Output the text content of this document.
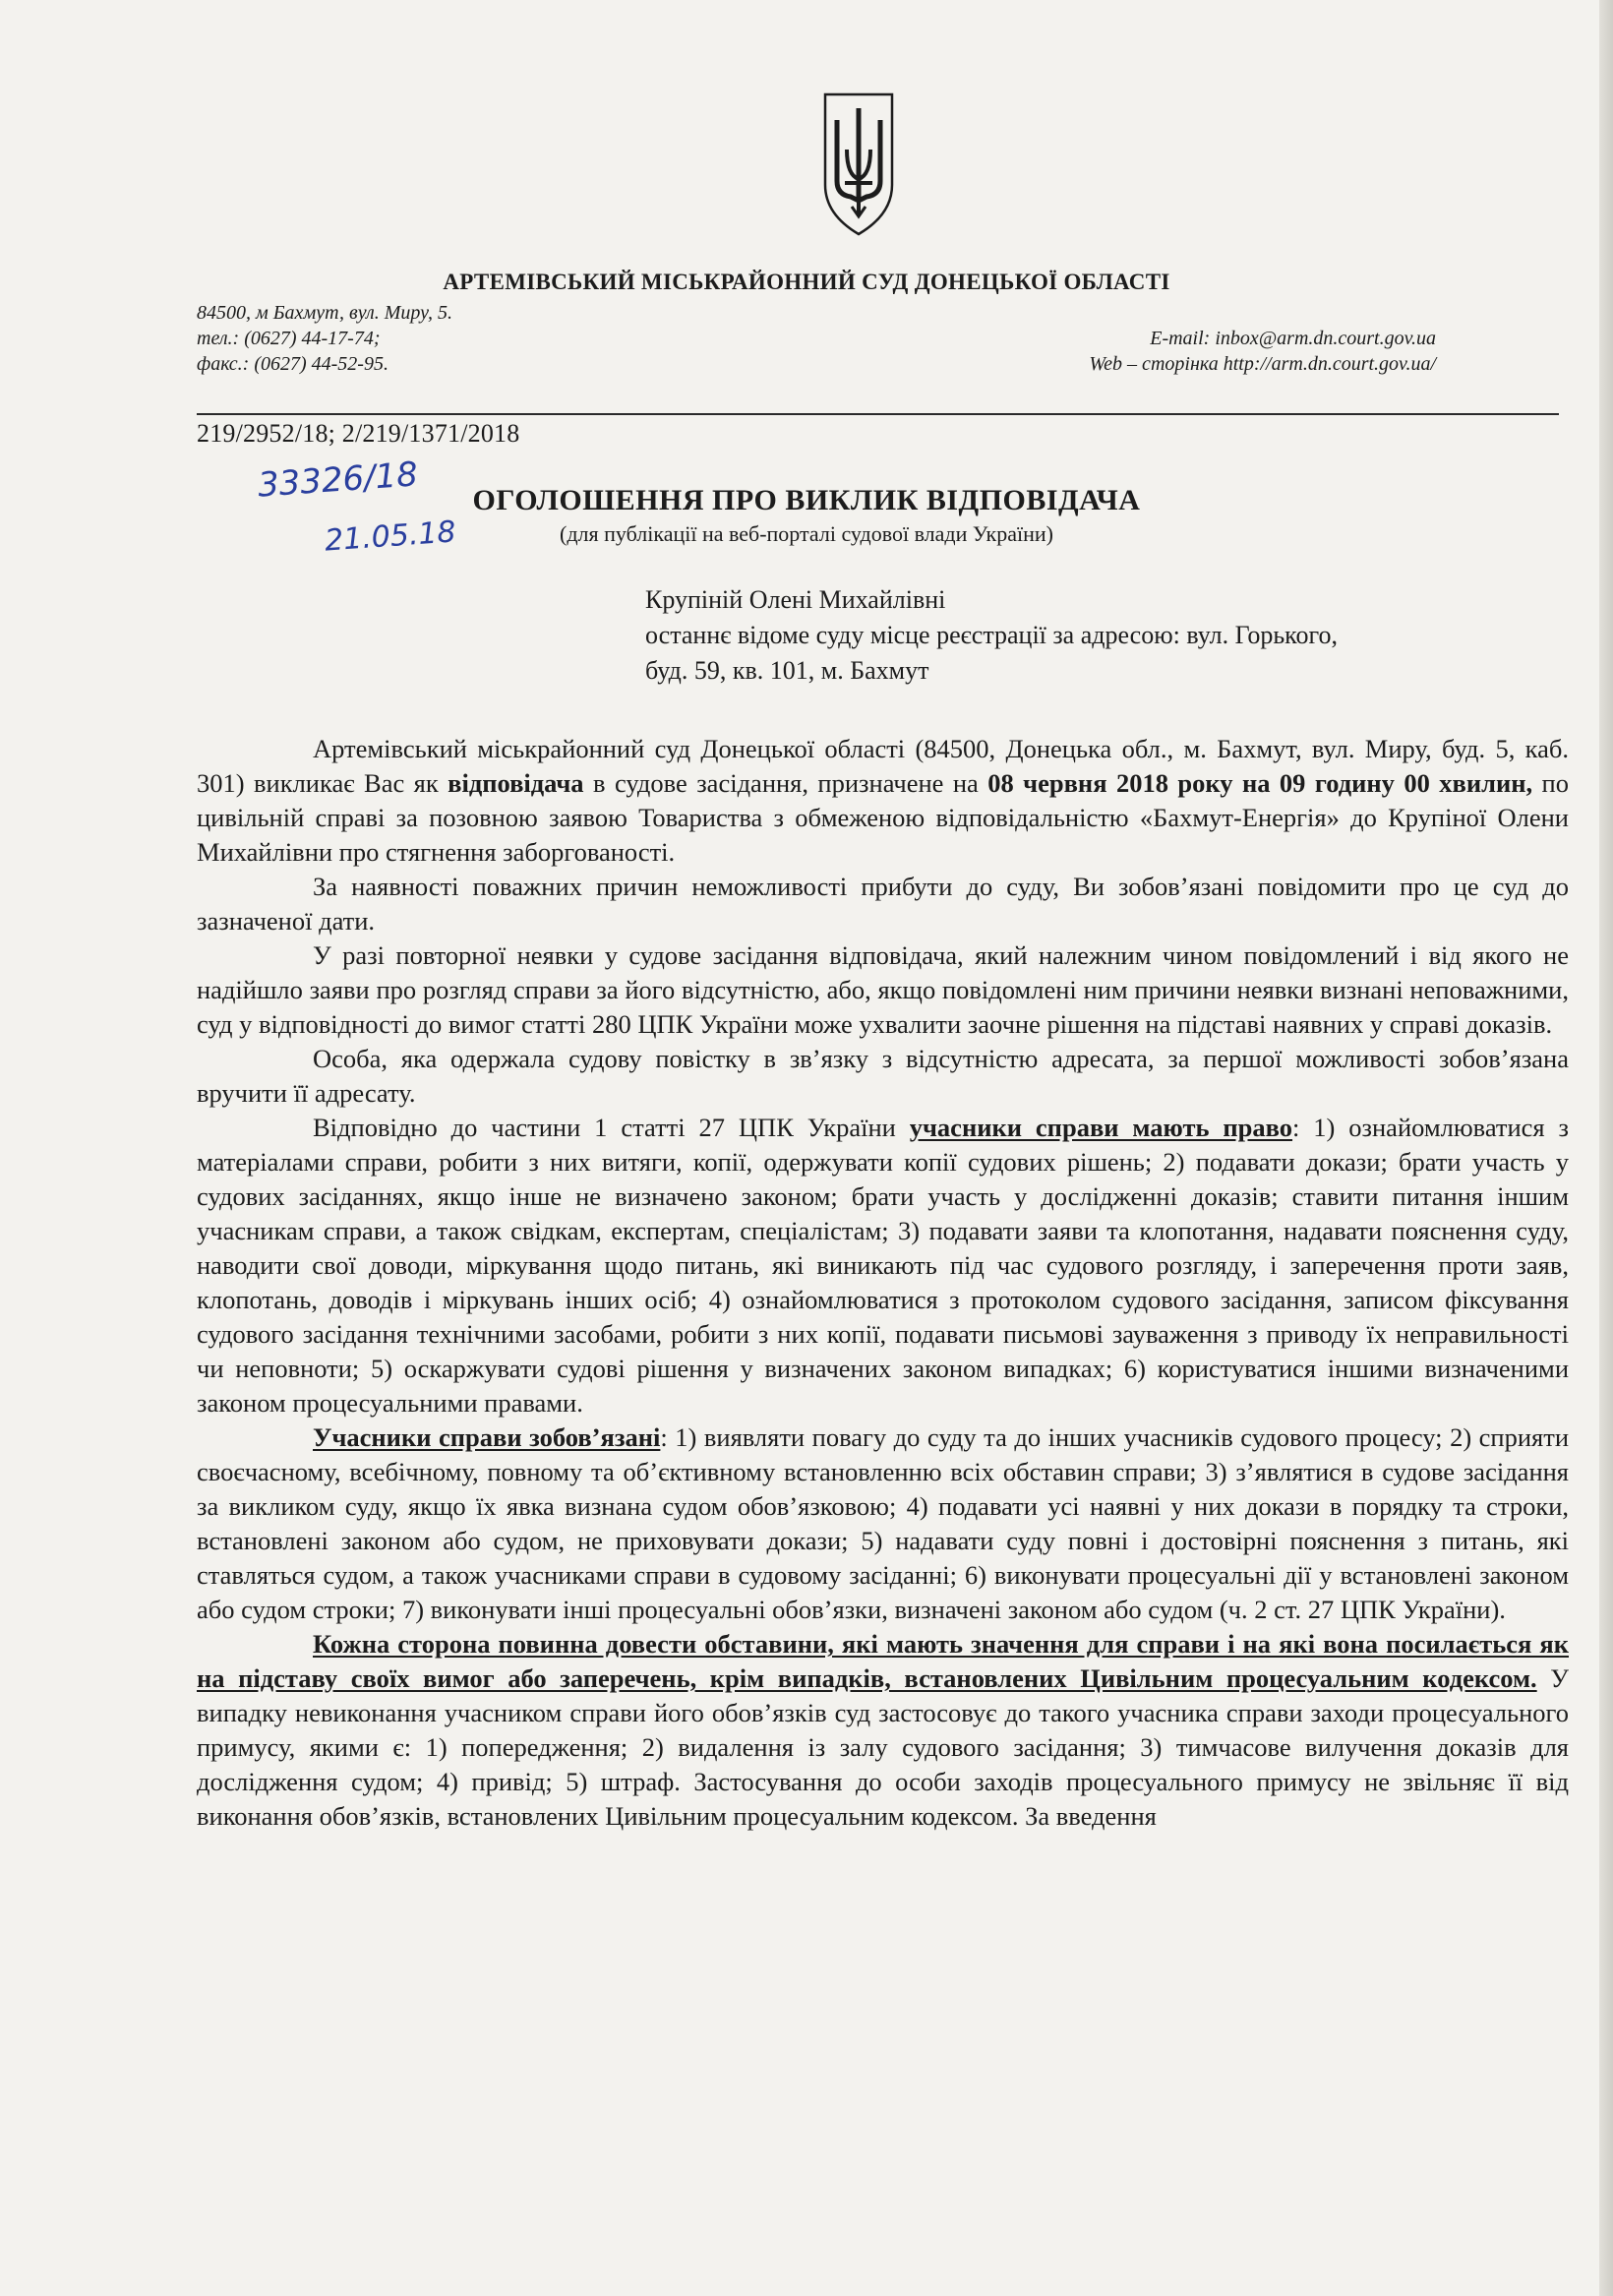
АРТЕМІВСЬКИЙ МІСЬКРАЙОННИЙ СУД ДОНЕЦЬКОЇ ОБЛАСТІ
84500, м Бахмут, вул. Миру, 5.
тел.: (0627) 44-17-74;
факс.: (0627) 44-52-95.
E-mail: inbox@arm.dn.court.gov.ua
Web – сторінка http://arm.dn.court.gov.ua/
219/2952/18; 2/219/1371/2018
33326/18
21.05.18
ОГОЛОШЕННЯ ПРО ВИКЛИК ВІДПОВІДАЧА
(для публікації на веб-порталі судової влади України)
Крупіній Олені Михайлівні
останнє відоме суду місце реєстрації за адресою: вул. Горького,
буд. 59, кв. 101, м. Бахмут

Артемівський міськрайонний суд Донецької області (84500, Донецька обл., м. Бахмут, вул. Миру, буд. 5, каб. 301) викликає Вас як відповідача в судове засідання, призначене на 08 червня 2018 року на 09 годину 00 хвилин, по цивільній справі за позовною заявою Товариства з обмеженою відповідальністю «Бахмут-Енергія» до Крупіної Олени Михайлівни про стягнення заборгованості.

За наявності поважних причин неможливості прибути до суду, Ви зобов’язані повідомити про це суд до зазначеної дати.

У разі повторної неявки у судове засідання відповідача, який належним чином повідомлений і від якого не надійшло заяви про розгляд справи за його відсутністю, або, якщо повідомлені ним причини неявки визнані неповажними, суд у відповідності до вимог статті 280 ЦПК України може ухвалити заочне рішення на підставі наявних у справі доказів.

Особа, яка одержала судову повістку в зв’язку з відсутністю адресата, за першої можливості зобов’язана вручити її адресату.

Відповідно до частини 1 статті 27 ЦПК України учасники справи мають право: 1) ознайомлюватися з матеріалами справи, робити з них витяги, копії, одержувати копії судових рішень; 2) подавати докази; брати участь у судових засіданнях, якщо інше не визначено законом; брати участь у дослідженні доказів; ставити питання іншим учасникам справи, а також свідкам, експертам, спеціалістам; 3) подавати заяви та клопотання, надавати пояснення суду, наводити свої доводи, міркування щодо питань, які виникають під час судового розгляду, і заперечення проти заяв, клопотань, доводів і міркувань інших осіб; 4) ознайомлюватися з протоколом судового засідання, записом фіксування судового засідання технічними засобами, робити з них копії, подавати письмові зауваження з приводу їх неправильності чи неповноти; 5) оскаржувати судові рішення у визначених законом випадках; 6) користуватися іншими визначеними законом процесуальними правами.

Учасники справи зобов’язані: 1) виявляти повагу до суду та до інших учасників судового процесу; 2) сприяти своєчасному, всебічному, повному та об’єктивному встановленню всіх обставин справи; 3) з’являтися в судове засідання за викликом суду, якщо їх явка визнана судом обов’язковою; 4) подавати усі наявні у них докази в порядку та строки, встановлені законом або судом, не приховувати докази; 5) надавати суду повні і достовірні пояснення з питань, які ставляться судом, а також учасниками справи в судовому засіданні; 6) виконувати процесуальні дії у встановлені законом або судом строки; 7) виконувати інші процесуальні обов’язки, визначені законом або судом (ч. 2 ст. 27 ЦПК України).

Кожна сторона повинна довести обставини, які мають значення для справи і на які вона посилається як на підставу своїх вимог або заперечень, крім випадків, встановлених Цивільним процесуальним кодексом. У випадку невиконання учасником справи його обов’язків суд застосовує до такого учасника справи заходи процесуального примусу, якими є: 1) попередження; 2) видалення із залу судового засідання; 3) тимчасове вилучення доказів для дослідження судом; 4) привід; 5) штраф. Застосування до особи заходів процесуального примусу не звільняє її від виконання обов’язків, встановлених Цивільним процесуальним кодексом. За введення
